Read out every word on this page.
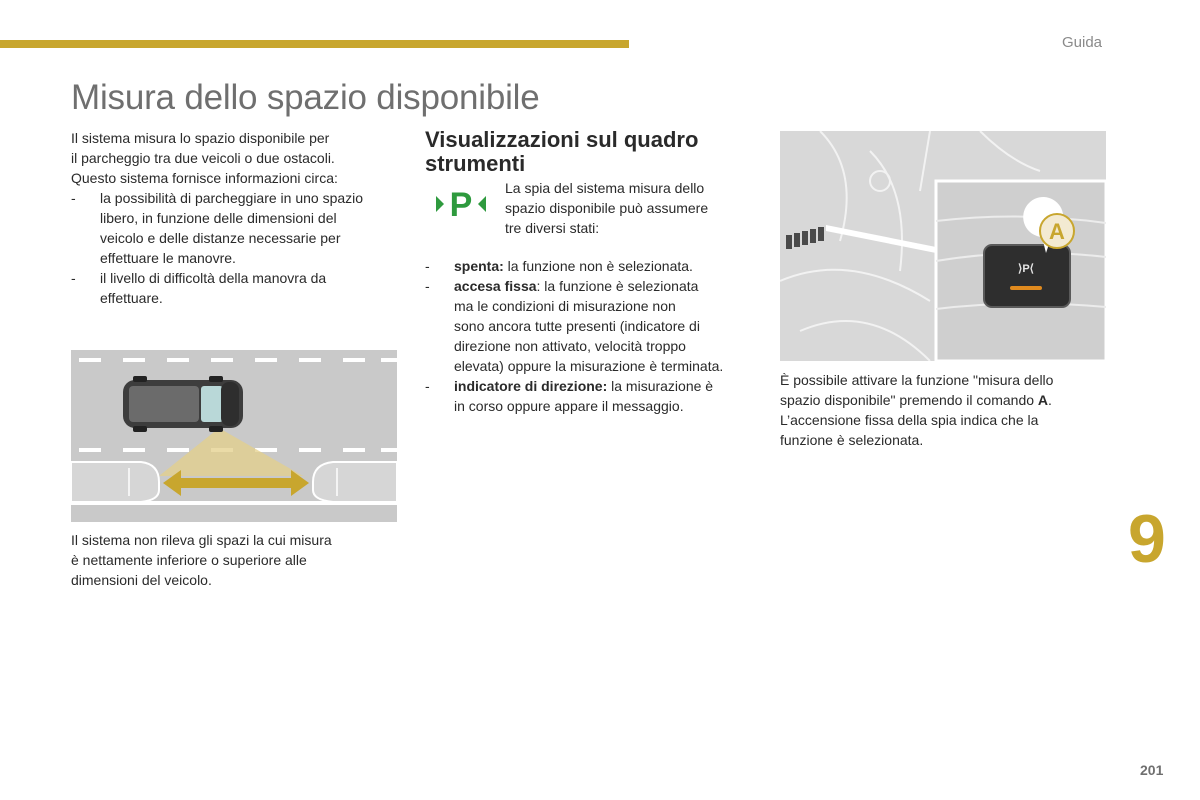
Guida
Misura dello spazio disponibile

Il sistema misura lo spazio disponibile per

il parcheggio tra due veicoli o due ostacoli.

Questo sistema fornisce informazioni circa:

- la possibilità di parcheggiare in uno spazio
libero, in funzione delle dimensioni del
veicolo e delle distanze necessarie per
effettuare le manovre.
- il livello di difficoltà della manovra da
effettuare.

Il sistema non rileva gli spazi la cui misura

è nettamente inferiore o superiore alle

dimensioni del veicolo.

Visualizzazioni sul quadro
strumenti
P La spia del sistema misura dello

spazio disponibile può assumere

tre diversi stati:

- spenta: la funzione non è selezionata.
- accesa fissa: la funzione è selezionata
ma le condizioni di misurazione non
sono ancora tutte presenti (indicatore di
direzione non attivato, velocità troppo
elevata) oppure la misurazione è terminata.
- indicatore di direzione: la misurazione è
in corso oppure appare il messaggio.
⟩P⟨
A

È possibile attivare la funzione "misura dello

spazio disponibile" premendo il comando A.

L’accensione fissa della spia indica che la

funzione è selezionata.

9
201
